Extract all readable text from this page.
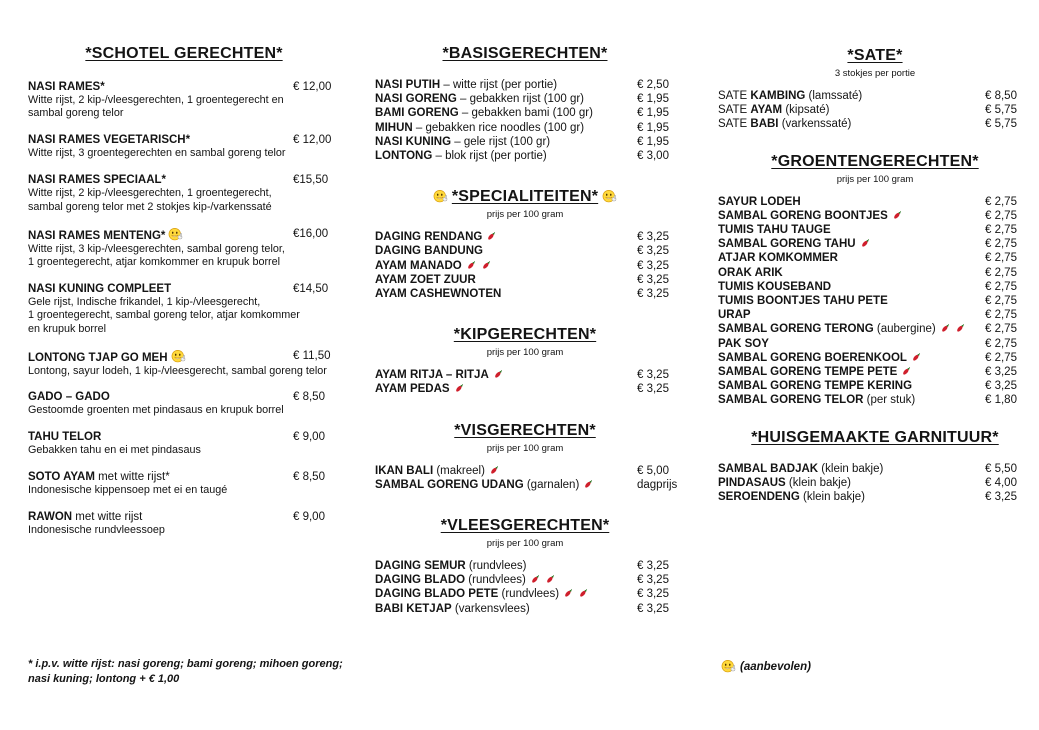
*SCHOTEL GERECHTEN*
NASI RAMES*	€ 12,00
Witte rijst, 2 kip-/vleesgerechten, 1 groentegerecht en
sambal goreng telor
NASI RAMES VEGETARISCH*	€ 12,00
Witte rijst, 3 groentegerechten en sambal goreng telor
NASI RAMES SPECIAAL*	€15,50
Witte rijst, 2 kip-/vleesgerechten, 1 groentegerecht,
sambal goreng telor met 2 stokjes kip-/varkenssaté
NASI RAMES MENTENG*	€16,00
Witte rijst, 3 kip-/vleesgerechten, sambal goreng telor,
1 groentegerecht, atjar komkommer en krupuk borrel
NASI KUNING COMPLEET	€14,50
Gele rijst, Indische frikandel, 1 kip-/vleesgerecht,
1 groentegerecht, sambal goreng telor, atjar komkommer
en krupuk borrel
LONTONG TJAP GO MEH	€ 11,50
Lontong, sayur lodeh, 1 kip-/vleesgerecht, sambal goreng telor
GADO – GADO	€ 8,50
Gestoomde groenten met pindasaus en krupuk borrel
TAHU TELOR	€ 9,00
Gebakken tahu en ei met pindasaus
SOTO AYAM met witte rijst*	€ 8,50
Indonesische kippensoep met ei en taugé
RAWON met witte rijst	€ 9,00
Indonesische rundvleessoep
*BASISGERECHTEN*
NASI PUTIH – witte rijst (per portie)	€ 2,50
NASI GORENG – gebakken rijst (100 gr)	€ 1,95
BAMI GORENG – gebakken bami (100 gr)	€ 1,95
MIHUN – gebakken rice noodles (100 gr)	€ 1,95
NASI KUNING – gele rijst (100 gr)	€ 1,95
LONTONG – blok rijst (per portie)	€ 3,00
*SPECIALITEITEN*
prijs per 100 gram
DAGING RENDANG	€ 3,25
DAGING BANDUNG	€ 3,25
AYAM MANADO	€ 3,25
AYAM ZOET ZUUR	€ 3,25
AYAM CASHEWNOTEN	€ 3,25
*KIPGERECHTEN*
prijs per 100 gram
AYAM RITJA – RITJA	€ 3,25
AYAM PEDAS	€ 3,25
*VISGERECHTEN*
prijs per 100 gram
IKAN BALI (makreel)	€ 5,00
SAMBAL GORENG UDANG (garnalen)	dagprijs
*VLEESGERECHTEN*
prijs per 100 gram
DAGING SEMUR (rundvlees)	€ 3,25
DAGING BLADO (rundvlees)	€ 3,25
DAGING BLADO PETE (rundvlees)	€ 3,25
BABI KETJAP (varkensvlees)	€ 3,25
*SATE*
3 stokjes per portie
SATE KAMBING (lamssaté)	€ 8,50
SATE AYAM (kipsaté)	€ 5,75
SATE BABI (varkenssaté)	€ 5,75
*GROENTENGERECHTEN*
prijs per 100 gram
SAYUR LODEH	€ 2,75
SAMBAL GORENG BOONTJES	€ 2,75
TUMIS TAHU TAUGE	€ 2,75
SAMBAL GORENG TAHU	€ 2,75
ATJAR KOMKOMMER	€ 2,75
ORAK ARIK	€ 2,75
TUMIS KOUSEBAND	€ 2,75
TUMIS BOONTJES TAHU PETE	€ 2,75
URAP	€ 2,75
SAMBAL GORENG TERONG (aubergine)	€ 2,75
PAK SOY	€ 2,75
SAMBAL GORENG BOERENKOOL	€ 2,75
SAMBAL GORENG TEMPE PETE	€ 3,25
SAMBAL GORENG TEMPE KERING	€ 3,25
SAMBAL GORENG TELOR (per stuk)	€ 1,80
*HUISGEMAAKTE GARNITUUR*
SAMBAL BADJAK (klein bakje)	€ 5,50
PINDASAUS (klein bakje)	€ 4,00
SEROENDENG (klein bakje)	€ 3,25
* i.p.v. witte rijst: nasi goreng; bami goreng; mihoen goreng;
nasi kuning; lontong + € 1,00
(aanbevolen)
